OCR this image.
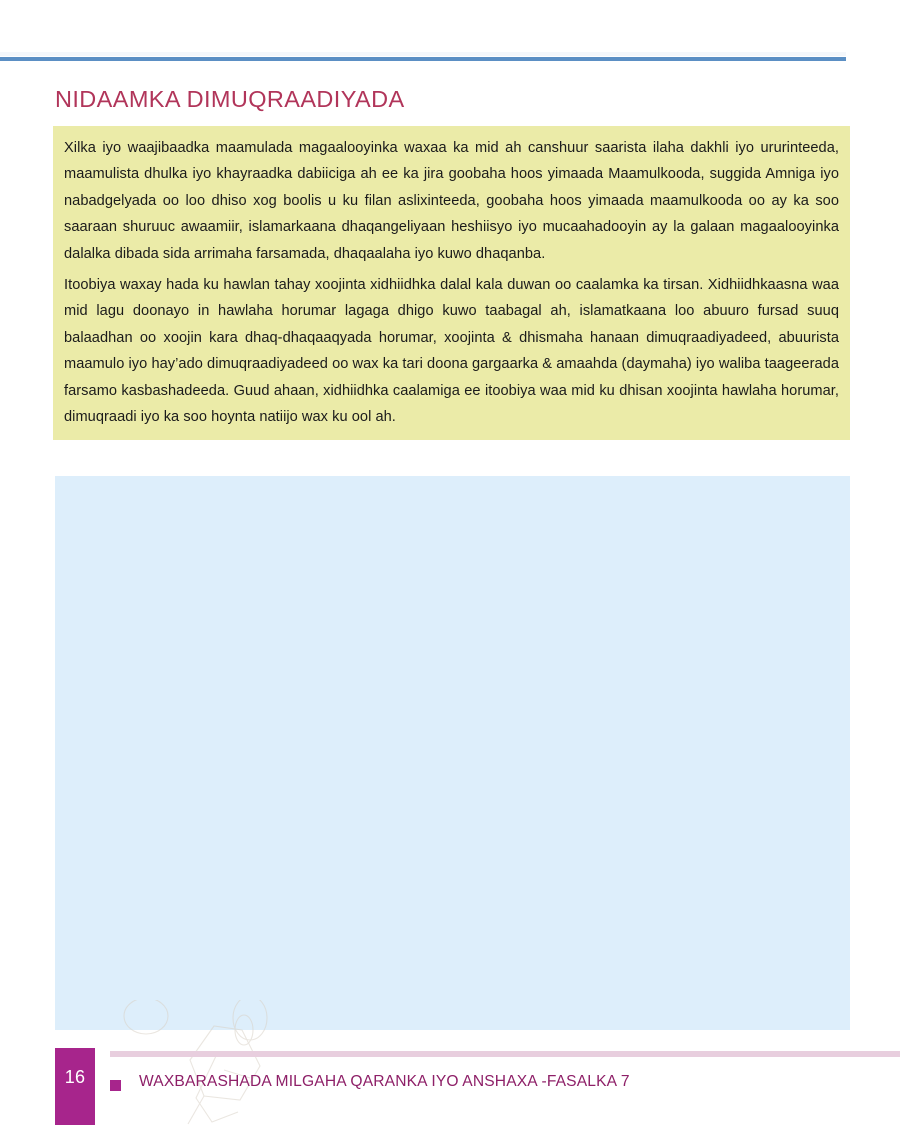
NIDAAMKA DIMUQRAADIYADA

Xilka iyo waajibaadka maamulada magaalooyinka waxaa ka mid ah canshuur saarista ilaha dakhli iyo ururinteeda, maamulista dhulka iyo khayraadka dabiiciga ah ee ka jira goobaha hoos yimaada Maamulkooda, suggida Amniga iyo nabadgelyada oo loo dhiso xog boolis u ku filan aslixinteeda, goobaha hoos yimaada maamulkooda oo ay ka soo saaraan shuruuc awaamiir, islamarkaana dhaqangeliyaan heshiisyo iyo mucaahadooyin ay la galaan magaalooyinka dalalka dibada sida arrimaha farsamada, dhaqaalaha iyo kuwo dhaqanba.

Itoobiya waxay hada ku hawlan tahay xoojinta xidhiidhka dalal kala duwan oo caalamka ka tirsan. Xidhiidhkaasna waa mid lagu doonayo in hawlaha horumar lagaga dhigo kuwo taabagal ah, islamatkaana loo abuuro fursad suuq balaadhan oo xoojin kara dhaq-dhaqaaqyada horumar, xoojinta & dhismaha hanaan dimuqraadiyadeed, abuurista maamulo iyo hay’ado dimuqraadiyadeed oo wax ka tari doona gargaarka & amaahda (daymaha) iyo waliba taageerada farsamo kasbashadeeda. Guud ahaan, xidhiidhka caalamiga ee itoobiya waa mid ku dhisan xoojinta hawlaha horumar, dimuqraadi iyo ka soo hoynta natiijo wax ku ool ah.

16	WAXBARASHADA MILGAHA QARANKA IYO ANSHAXA -FASALKA 7
